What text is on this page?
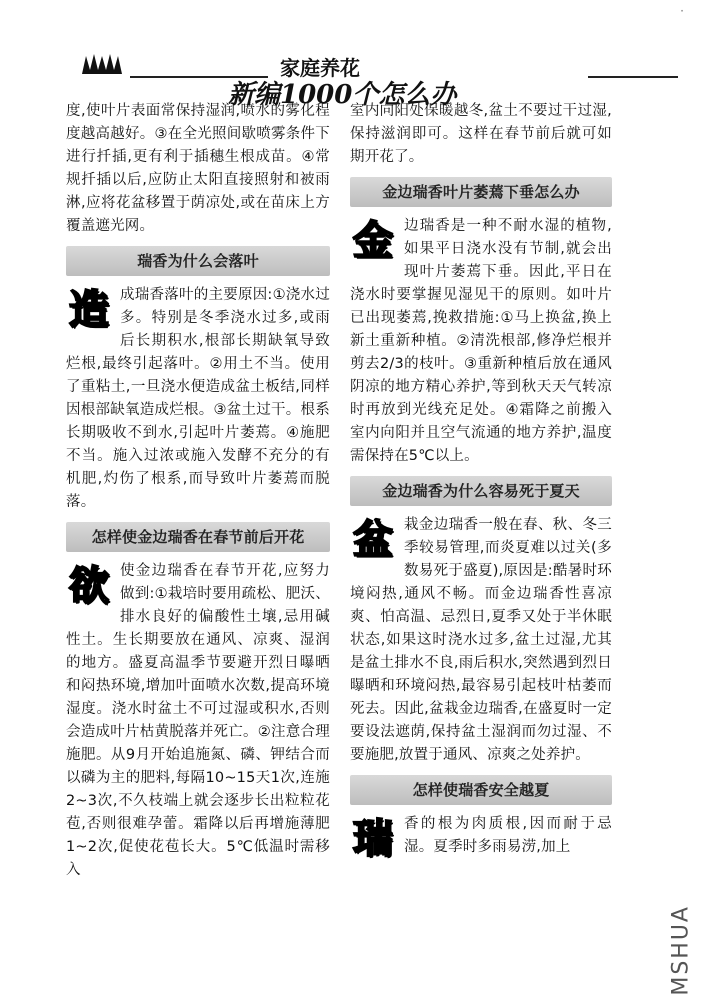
·
家庭养花
新编1000个怎么办

度,使叶片表面常保持湿润,喷水的雾化程度越高越好。③在全光照间歇喷雾条件下进行扦插,更有利于插穗生根成苗。④常规扦插以后,应防止太阳直接照射和被雨淋,应将花盆移置于荫凉处,或在苗床上方覆盖遮光网。

瑞香为什么会落叶

造成瑞香落叶的主要原因:①浇水过多。特别是冬季浇水过多,或雨后长期积水,根部长期缺氧导致烂根,最终引起落叶。②用土不当。使用了重粘土,一旦浇水便造成盆土板结,同样因根部缺氧造成烂根。③盆土过干。根系长期吸收不到水,引起叶片萎蔫。④施肥不当。施入过浓或施入发酵不充分的有机肥,灼伤了根系,而导致叶片萎蔫而脱落。

怎样使金边瑞香在春节前后开花

欲使金边瑞香在春节开花,应努力做到:①栽培时要用疏松、肥沃、排水良好的偏酸性土壤,忌用碱性土。生长期要放在通风、凉爽、湿润的地方。盛夏高温季节要避开烈日曝晒和闷热环境,增加叶面喷水次数,提高环境湿度。浇水时盆土不可过湿或积水,否则会造成叶片枯黄脱落并死亡。②注意合理施肥。从9月开始追施氮、磷、钾结合而以磷为主的肥料,每隔10~15天1次,连施2~3次,不久枝端上就会逐步长出粒粒花苞,否则很难孕蕾。霜降以后再增施薄肥1~2次,促使花苞长大。5℃低温时需移入

室内向阳处保暖越冬,盆土不要过干过湿,保持滋润即可。这样在春节前后就可如期开花了。

金边瑞香叶片萎蔫下垂怎么办

金边瑞香是一种不耐水湿的植物,如果平日浇水没有节制,就会出现叶片萎蔫下垂。因此,平日在浇水时要掌握见湿见干的原则。如叶片已出现萎蔫,挽救措施:①马上换盆,换上新土重新种植。②清洗根部,修净烂根并剪去2/3的枝叶。③重新种植后放在通风阴凉的地方精心养护,等到秋天天气转凉时再放到光线充足处。④霜降之前搬入室内向阳并且空气流通的地方养护,温度需保持在5℃以上。

金边瑞香为什么容易死于夏天

盆栽金边瑞香一般在春、秋、冬三季较易管理,而炎夏难以过关(多数易死于盛夏),原因是:酷暑时环境闷热,通风不畅。而金边瑞香性喜凉爽、怕高温、忌烈日,夏季又处于半休眠状态,如果这时浇水过多,盆土过湿,尤其是盆土排水不良,雨后积水,突然遇到烈日曝晒和环境闷热,最容易引起枝叶枯萎而死去。因此,盆栽金边瑞香,在盛夏时一定要设法遮荫,保持盆土湿润而勿过湿、不要施肥,放置于通风、凉爽之处养护。

怎样使瑞香安全越夏

瑞香的根为肉质根,因而耐于忌湿。夏季时多雨易涝,加上

MSHUA
